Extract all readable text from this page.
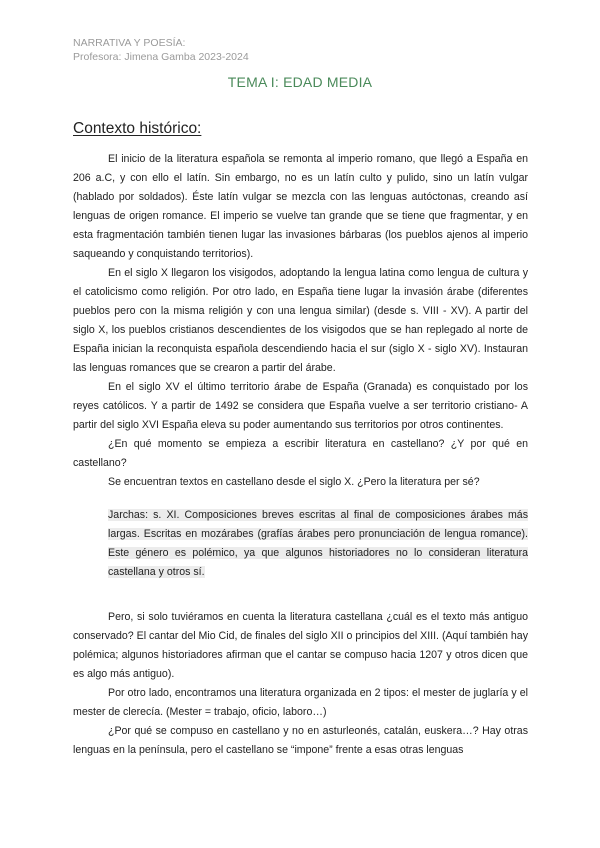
NARRATIVA Y POESÍA:
Profesora: Jimena Gamba 2023-2024
TEMA I: EDAD MEDIA
Contexto histórico:

El inicio de la literatura española se remonta al imperio romano, que llegó a España en 206 a.C, y con ello el latín. Sin embargo, no es un latín culto y pulido, sino un latín vulgar (hablado por soldados). Éste latín vulgar se mezcla con las lenguas autóctonas, creando así lenguas de origen romance. El imperio se vuelve tan grande que se tiene que fragmentar, y en esta fragmentación también tienen lugar las invasiones bárbaras (los pueblos ajenos al imperio saqueando y conquistando territorios).

En el siglo X llegaron los visigodos, adoptando la lengua latina como lengua de cultura y el catolicismo como religión. Por otro lado, en España tiene lugar la invasión árabe (diferentes pueblos pero con la misma religión y con una lengua similar) (desde s. VIII - XV). A partir del siglo X, los pueblos cristianos descendientes de los visigodos que se han replegado al norte de España inician la reconquista española descendiendo hacia el sur (siglo X - siglo XV). Instauran las lenguas romances que se crearon a partir del árabe.

En el siglo XV el último territorio árabe de España (Granada) es conquistado por los reyes católicos. Y a partir de 1492 se considera que España vuelve a ser territorio cristiano- A partir del siglo XVI España eleva su poder aumentando sus territorios por otros continentes.

¿En qué momento se empieza a escribir literatura en castellano? ¿Y por qué en castellano?

Se encuentran textos en castellano desde el siglo X. ¿Pero la literatura per sé?

Jarchas: s. XI. Composiciones breves escritas al final de composiciones árabes más largas. Escritas en mozárabes (grafías árabes pero pronunciación de lengua romance). Este género es polémico, ya que algunos historiadores no lo consideran literatura castellana y otros sí.

Pero, si solo tuviéramos en cuenta la literatura castellana ¿cuál es el texto más antiguo conservado? El cantar del Mio Cid, de finales del siglo XII o principios del XIII. (Aquí también hay polémica; algunos historiadores afirman que el cantar se compuso hacia 1207 y otros dicen que es algo más antiguo).

Por otro lado, encontramos una literatura organizada en 2 tipos: el mester de juglaría y el mester de clerecía. (Mester = trabajo, oficio, laboro…)

¿Por qué se compuso en castellano y no en asturleonés, catalán, euskera…? Hay otras lenguas en la península, pero el castellano se “impone” frente a esas otras lenguas
